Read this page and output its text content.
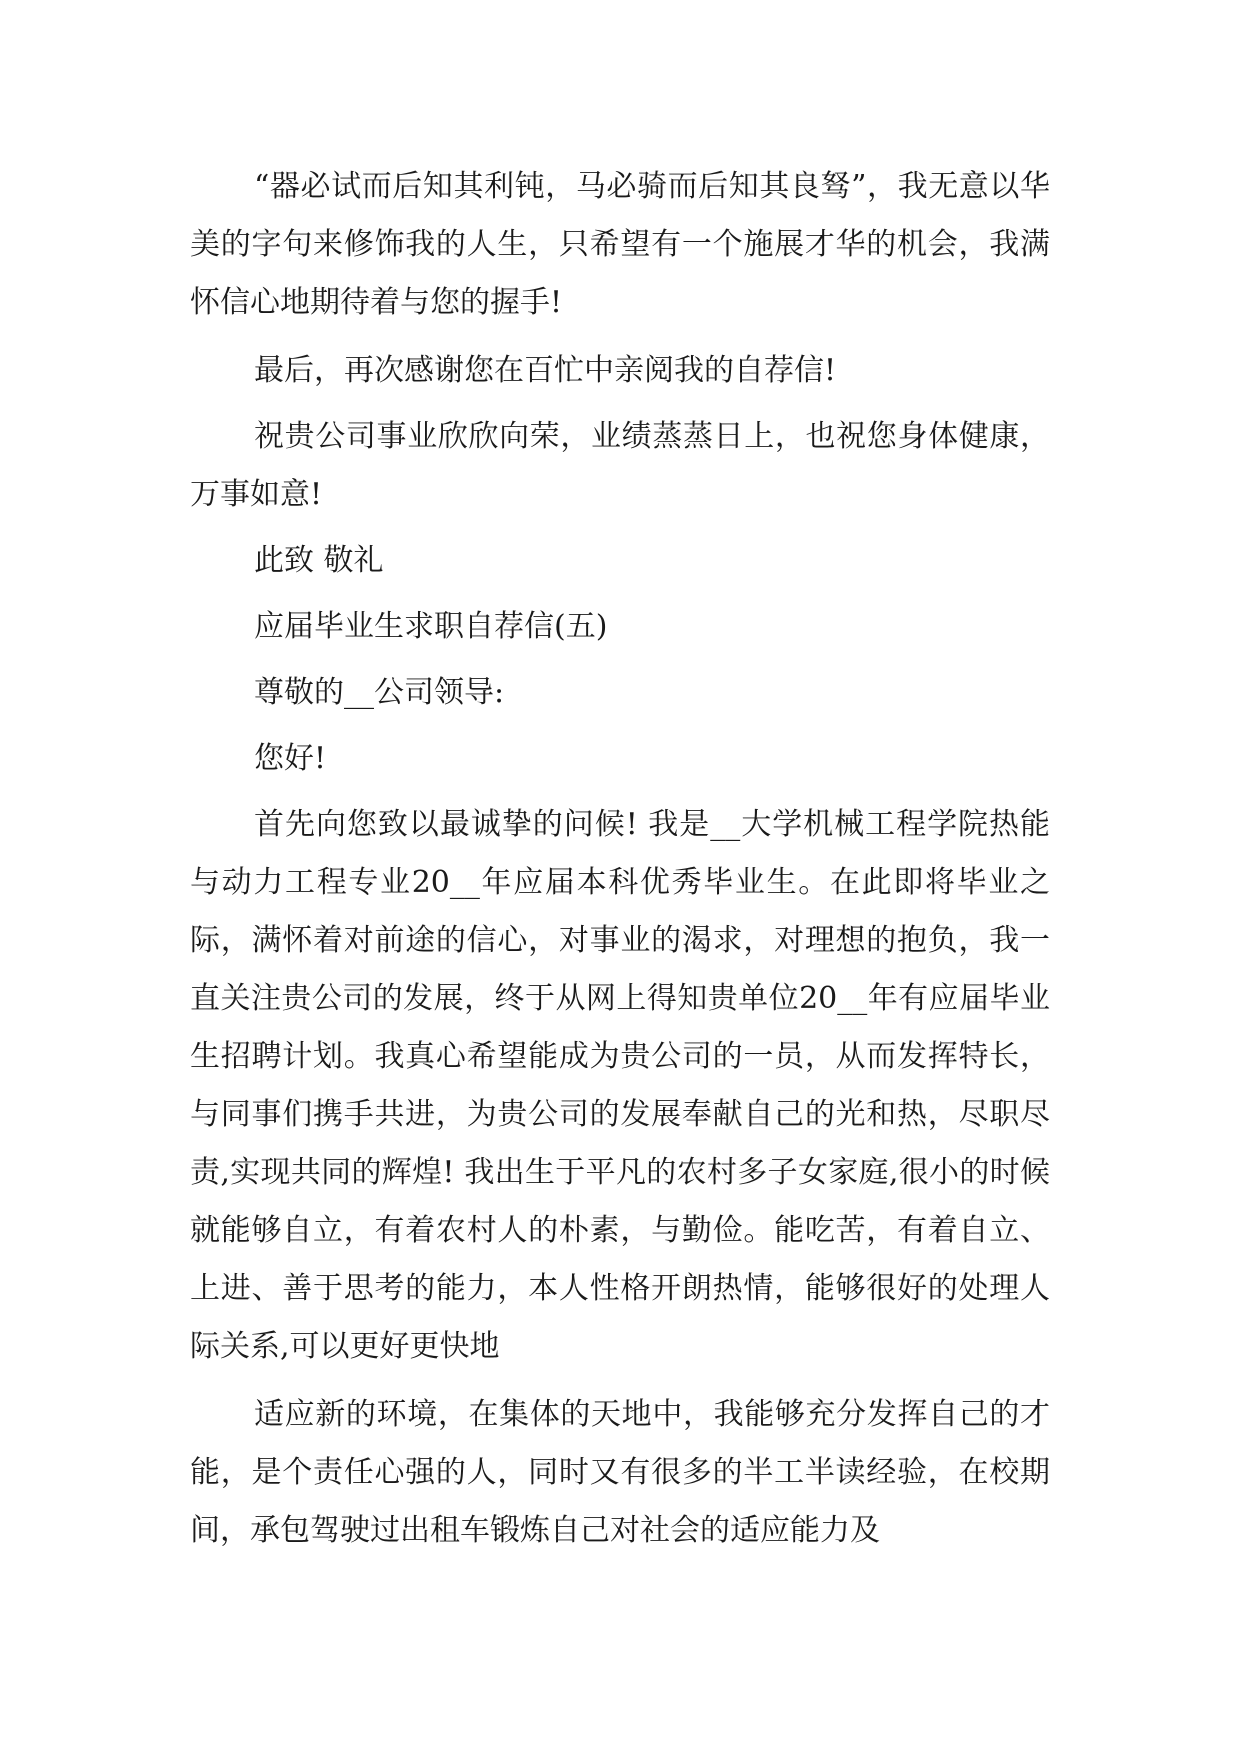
“器必试而后知其利钝，马必骑而后知其良驽”，我无意以华美的字句来修饰我的人生，只希望有一个施展才华的机会，我满怀信心地期待着与您的握手!

最后，再次感谢您在百忙中亲阅我的自荐信!

祝贵公司事业欣欣向荣，业绩蒸蒸日上，也祝您身体健康，万事如意!

此致 敬礼

应届毕业生求职自荐信(五)

尊敬的__公司领导:

您好!

首先向您致以最诚挚的问候! 我是__大学机械工程学院热能与动力工程专业20__年应届本科优秀毕业生。在此即将毕业之际，满怀着对前途的信心，对事业的渴求，对理想的抱负，我一直关注贵公司的发展，终于从网上得知贵单位20__年有应届毕业生招聘计划。我真心希望能成为贵公司的一员，从而发挥特长，与同事们携手共进，为贵公司的发展奉献自己的光和热，尽职尽责,实现共同的辉煌! 我出生于平凡的农村多子女家庭,很小的时候就能够自立，有着农村人的朴素，与勤俭。能吃苦，有着自立、上进、善于思考的能力，本人性格开朗热情，能够很好的处理人际关系,可以更好更快地

适应新的环境，在集体的天地中，我能够充分发挥自己的才能，是个责任心强的人，同时又有很多的半工半读经验，在校期间，承包驾驶过出租车锻炼自己对社会的适应能力及
